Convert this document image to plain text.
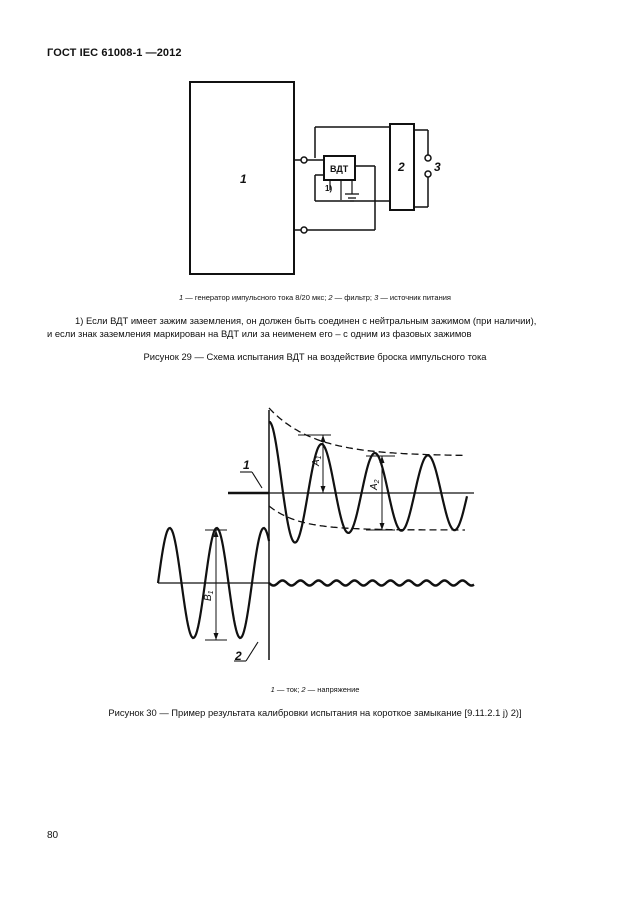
ГОСТ IEC 61008-1 —2012
1
ВДТ
1)
2 3
1 — генератор импульсного тока 8/20 мкс; 2 — фильтр; 3 — источник питания
1) Если ВДТ имеет зажим заземления, он должен быть соединен с нейтральным зажимом (при наличии),
и если знак заземления маркирован на ВДТ или за неименем его – с одним из фазовых зажимов
Рисунок 29 — Схема испытания ВДТ на воздействие броска импульсного тока
$A_1$
$A_2$
$B_1$
1
2
1 — ток; 2 — напряжение
Рисунок 30 — Пример результата калибровки испытания на короткое замыкание [9.11.2.1 j) 2)]
80
